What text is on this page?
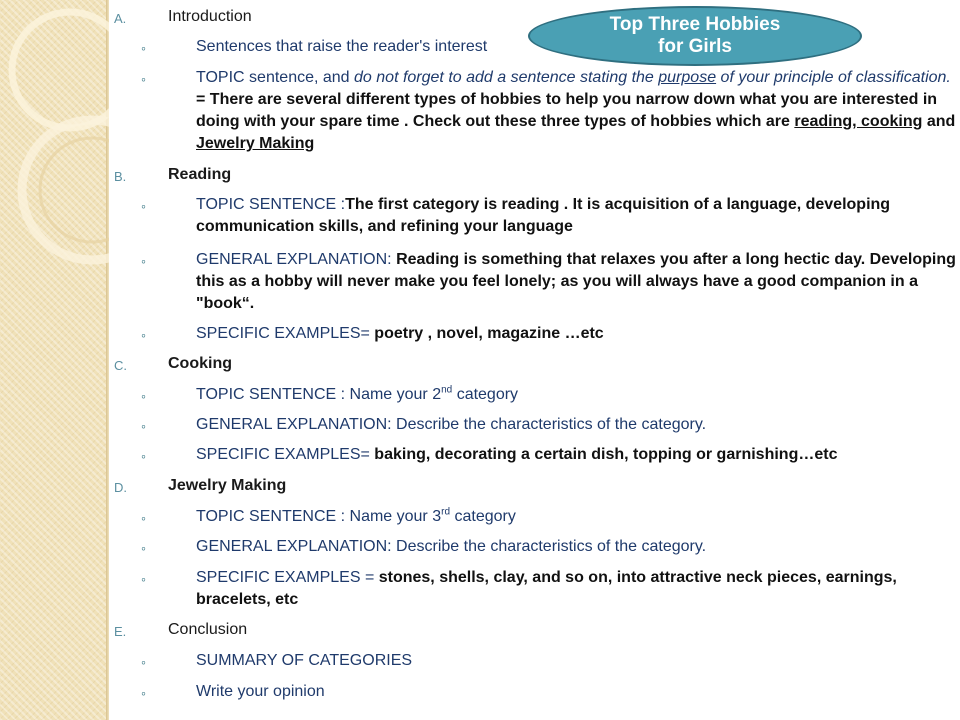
Top Three Hobbies
for Girls
A.	Introduction
◦	Sentences that raise the reader's interest
◦	TOPIC sentence, and do not forget to add a sentence stating the purpose of your principle of classification. = There are several different types of hobbies to help you narrow down what you are interested in doing with your spare time . Check out these three types of hobbies which are reading, cooking and Jewelry Making
B.	Reading
◦	TOPIC SENTENCE :The first category is reading . It is acquisition of a language, developing communication skills, and refining your language
◦	GENERAL EXPLANATION: Reading is something that relaxes you after a long hectic day. Developing this as a hobby will never make you feel lonely; as you will always have a good companion in a "book“.
◦	SPECIFIC EXAMPLES= poetry , novel, magazine …etc
C.	Cooking
◦	TOPIC SENTENCE : Name your 2nd category
◦	GENERAL EXPLANATION: Describe the characteristics of the category.
◦	SPECIFIC EXAMPLES= baking, decorating a certain dish, topping or garnishing…etc
D.	Jewelry Making
◦	TOPIC SENTENCE : Name your 3rd category
◦	GENERAL EXPLANATION: Describe the characteristics of the category.
◦	SPECIFIC EXAMPLES = stones, shells, clay, and so on, into attractive neck pieces, earnings, bracelets, etc
E.	Conclusion
◦	SUMMARY OF CATEGORIES
◦	Write your opinion
